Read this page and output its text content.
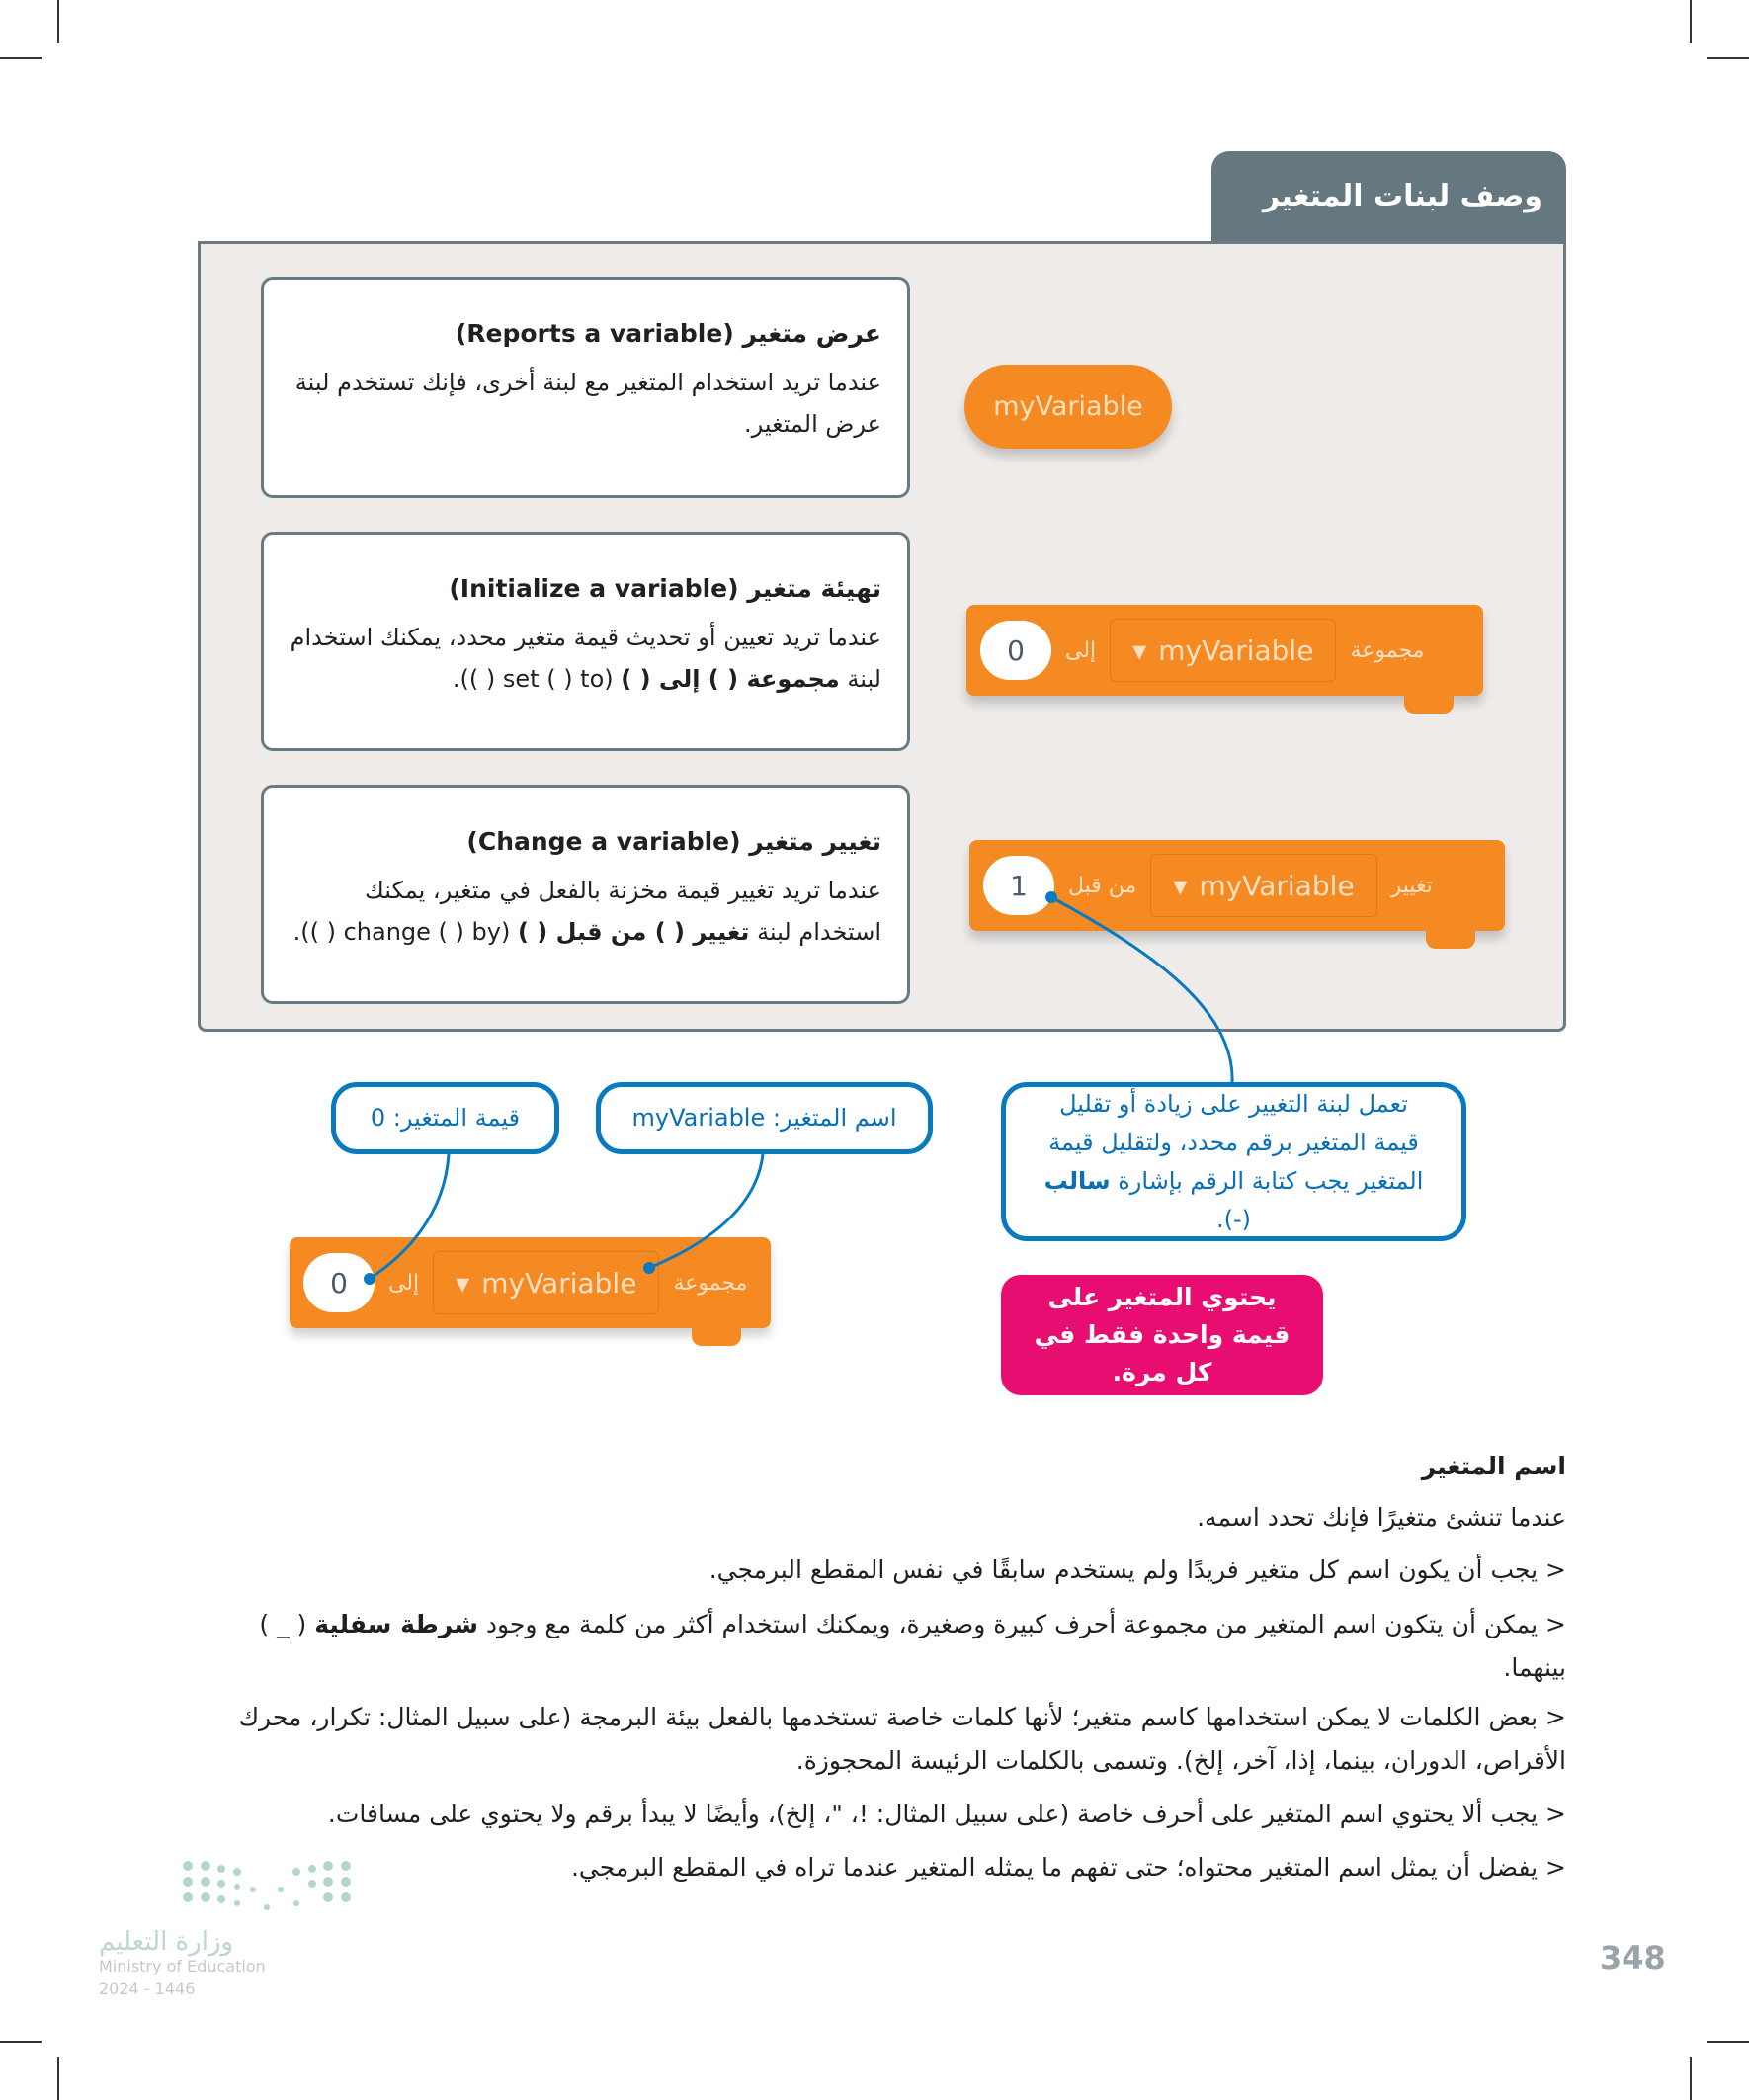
وصف لبنات المتغير
عرض متغير (Reports a variable)

عندما تريد استخدام المتغير مع لبنة أخرى، فإنك تستخدم لبنة عرض المتغير.

تهيئة متغير (Initialize a variable)

عندما تريد تعيين أو تحديث قيمة متغير محدد، يمكنك استخدام لبنة مجموعة ( ) إلى ( ) (set ( ) to ( )).

تغيير متغير (Change a variable)

عندما تريد تغيير قيمة مخزنة بالفعل في متغير، يمكنك استخدام لبنة تغيير ( ) من قبل ( ) (change ( ) by ( )).

myVariable
0	إلى ▾ myVariable مجموعة
1	من قبل ▾ myVariable تغيير
قيمة المتغير: 0	اسم المتغير: myVariable
تعمل لبنة التغيير على زيادة أو تقليل قيمة المتغير برقم محدد، ولتقليل قيمة المتغير يجب كتابة الرقم بإشارة سالب (-).
0	إلى ▾ myVariable مجموعة	يحتوي المتغير على قيمة واحدة فقط في كل مرة.
اسم المتغير
عندما تنشئ متغيرًا فإنك تحدد اسمه.
< يجب أن يكون اسم كل متغير فريدًا ولم يستخدم سابقًا في نفس المقطع البرمجي.
< يمكن أن يتكون اسم المتغير من مجموعة أحرف كبيرة وصغيرة، ويمكنك استخدام أكثر من كلمة مع وجود شرطة سفلية ( _ ) بينهما.
< بعض الكلمات لا يمكن استخدامها كاسم متغير؛ لأنها كلمات خاصة تستخدمها بالفعل بيئة البرمجة (على سبيل المثال: تكرار، محرك الأقراص، الدوران، بينما، إذا، آخر، إلخ). وتسمى بالكلمات الرئيسة المحجوزة.
< يجب ألا يحتوي اسم المتغير على أحرف خاصة (على سبيل المثال: !، "، إلخ)، وأيضًا لا يبدأ برقم ولا يحتوي على مسافات.
< يفضل أن يمثل اسم المتغير محتواه؛ حتى تفهم ما يمثله المتغير عندما تراه في المقطع البرمجي.
وزارة التعليم
Ministry of Education
2024 - 1446
348
